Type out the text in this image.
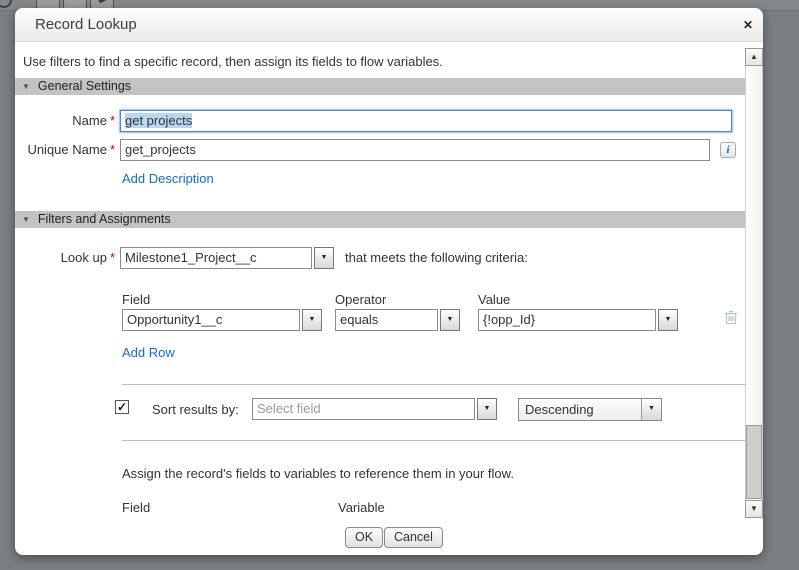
Record Lookup	✕
Use filters to find a specific record, then assign its fields to flow variables.
▼ General Settings
Name * get projects
Unique Name * get_projects	i
Add Description
▼ Filters and Assignments
Look up * Milestone1_Project__c	▼	that meets the following criteria:
Field	Operator	Value
Opportunity1__c	▼	equals	▼	{!opp_Id}	▼
Add Row
✓ Sort results by:	Select field	▼	Descending	▼
Assign the record's fields to variables to reference them in your flow.
Field	Variable
OK	Cancel
▲
▼
